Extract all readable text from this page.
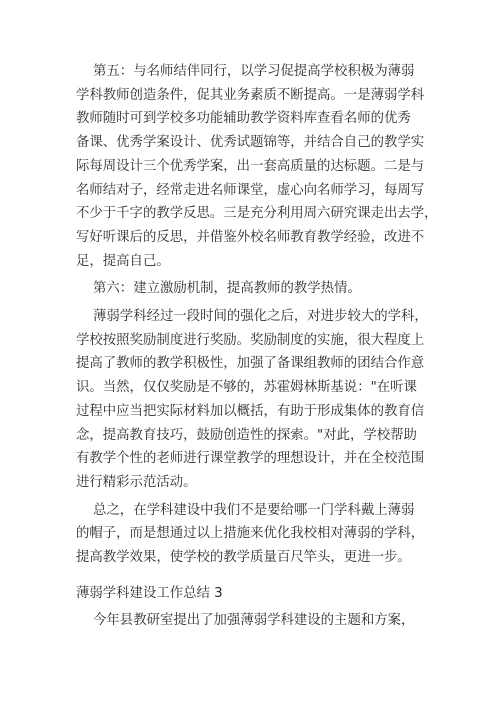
第五：与名师结伴同行，以学习促提高学校积极为薄弱

学科教师创造条件，促其业务素质不断提高。一是薄弱学科

教师随时可到学校多功能辅助教学资料库查看名师的优秀

备课、优秀学案设计、优秀试题锦等，并结合自己的教学实

际每周设计三个优秀学案，出一套高质量的达标题。二是与

名师结对子，经常走进名师课堂，虚心向名师学习，每周写

不少于千字的教学反思。三是充分利用周六研究课走出去学，

写好听课后的反思，并借鉴外校名师教育教学经验，改进不

足，提高自己。

第六：建立激励机制，提高教师的教学热情。

薄弱学科经过一段时间的强化之后，对进步较大的学科，

学校按照奖励制度进行奖励。奖励制度的实施，很大程度上

提高了教师的教学积极性，加强了备课组教师的团结合作意

识。当然，仅仅奖励是不够的，苏霍姆林斯基说："在听课

过程中应当把实际材料加以概括，有助于形成集体的教育信

念，提高教育技巧，鼓励创造性的探索。"对此，学校帮助

有教学个性的老师进行课堂教学的理想设计，并在全校范围

进行精彩示范活动。

总之，在学科建设中我们不是要给哪一门学科戴上薄弱

的帽子，而是想通过以上措施来优化我校相对薄弱的学科，

提高教学效果，使学校的教学质量百尺竿头，更进一步。

薄弱学科建设工作总结 3
今年县教研室提出了加强薄弱学科建设的主题和方案，
